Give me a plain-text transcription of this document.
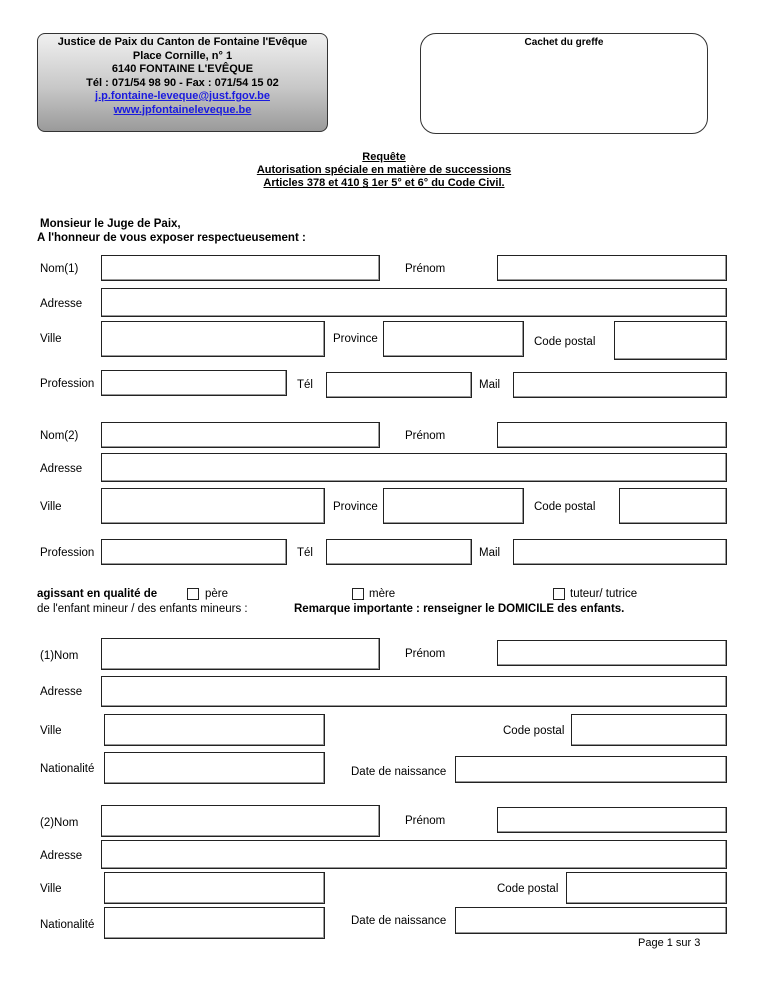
Justice de Paix du Canton de Fontaine l'Evêque
Place Cornille, n° 1
6140 FONTAINE L'EVÊQUE
Tél : 071/54 98 90 - Fax : 071/54 15 02
j.p.fontaine-leveque@just.fgov.be
www.jpfontaineleveque.be
Cachet du greffe
Requête
Autorisation spéciale en matière de successions
Articles 378 et 410 § 1er 5° et 6° du Code Civil.
Monsieur le Juge de Paix,
A l'honneur de vous exposer respectueusement :
Nom(1)	Prénom
Adresse
Ville	Province	Code postal
Profession	Tél	Mail
Nom(2)	Prénom
Adresse
Ville	Province	Code postal
Profession	Tél	Mail
agissant en qualité de	père	mère	tuteur/ tutrice
de l'enfant mineur / des enfants mineurs :	Remarque importante : renseigner le DOMICILE des enfants.
(1)Nom	Prénom
Adresse
Ville	Code postal
Nationalité	Date de naissance
(2)Nom	Prénom
Adresse
Ville	Code postal
Nationalité	Date de naissance
Page 1 sur 3
